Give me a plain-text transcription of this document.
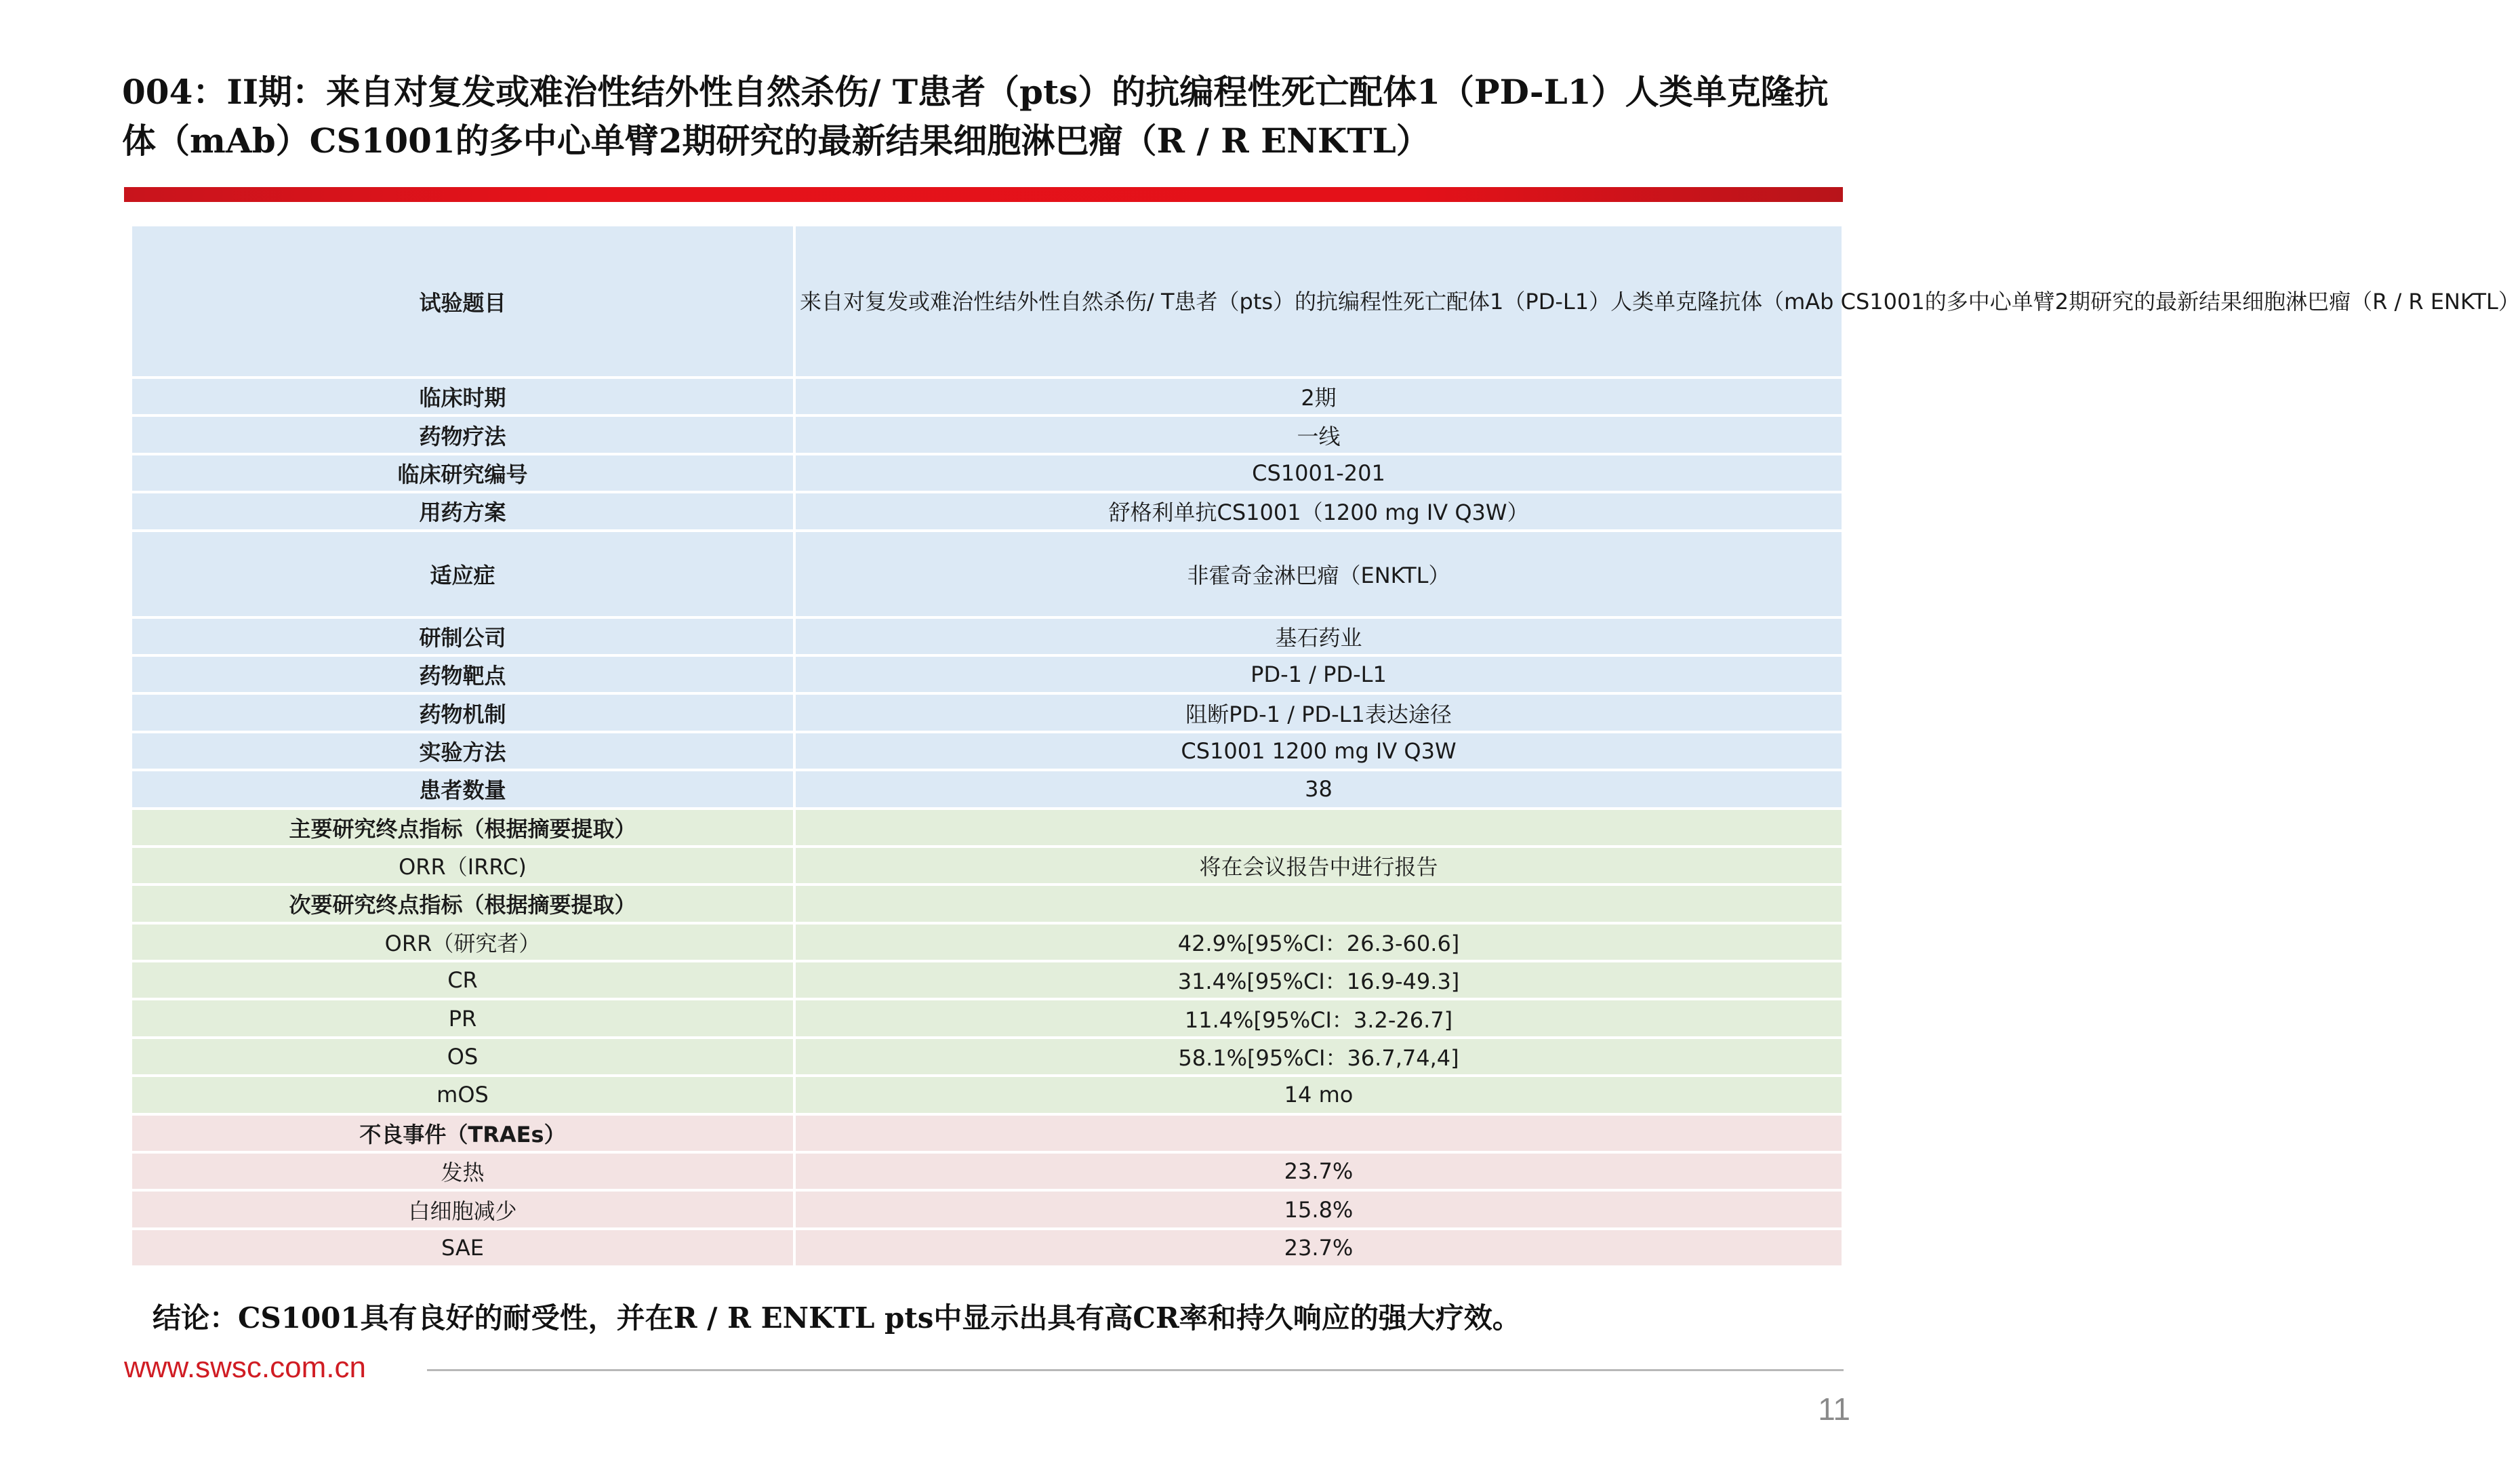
004：II期：来自对复发或难治性结外性自然杀伤/ T患者（pts）的抗编程性死亡配体1（PD-L1）人类单克隆抗体（mAb）CS1001的多中心单臂2期研究的最新结果细胞淋巴瘤（R / R ENKTL）
试验题目	来自对复发或难治性结外性自然杀伤/ T患者（pts）的抗编程性死亡配体1（PD-L1）人类单克隆抗体（mAb CS1001的多中心单臂2期研究的最新结果细胞淋巴瘤（R / R ENKTL）
临床时期	2期
药物疗法	一线
临床研究编号	CS1001-201
用药方案	舒格利单抗CS1001（1200 mg IV Q3W）
适应症	非霍奇金淋巴瘤（ENKTL）
研制公司	基石药业
药物靶点	PD-1 / PD-L1
药物机制	阻断PD-1 / PD-L1表达途径
实验方法	CS1001 1200 mg IV Q3W
患者数量	38
主要研究终点指标（根据摘要提取）	
ORR（IRRC)	将在会议报告中进行报告
次要研究终点指标（根据摘要提取）	
ORR（研究者）	42.9%[95%CI：26.3-60.6]
CR	31.4%[95%CI：16.9-49.3]
PR	11.4%[95%CI：3.2-26.7]
OS	58.1%[95%CI：36.7,74,4]
mOS	14 mo
不良事件（TRAEs）	
发热	23.7%
白细胞减少	15.8%
SAE	23.7%
结论：CS1001具有良好的耐受性，并在R / R ENKTL pts中显示出具有高CR率和持久响应的强大疗效。
www.swsc.com.cn
11
